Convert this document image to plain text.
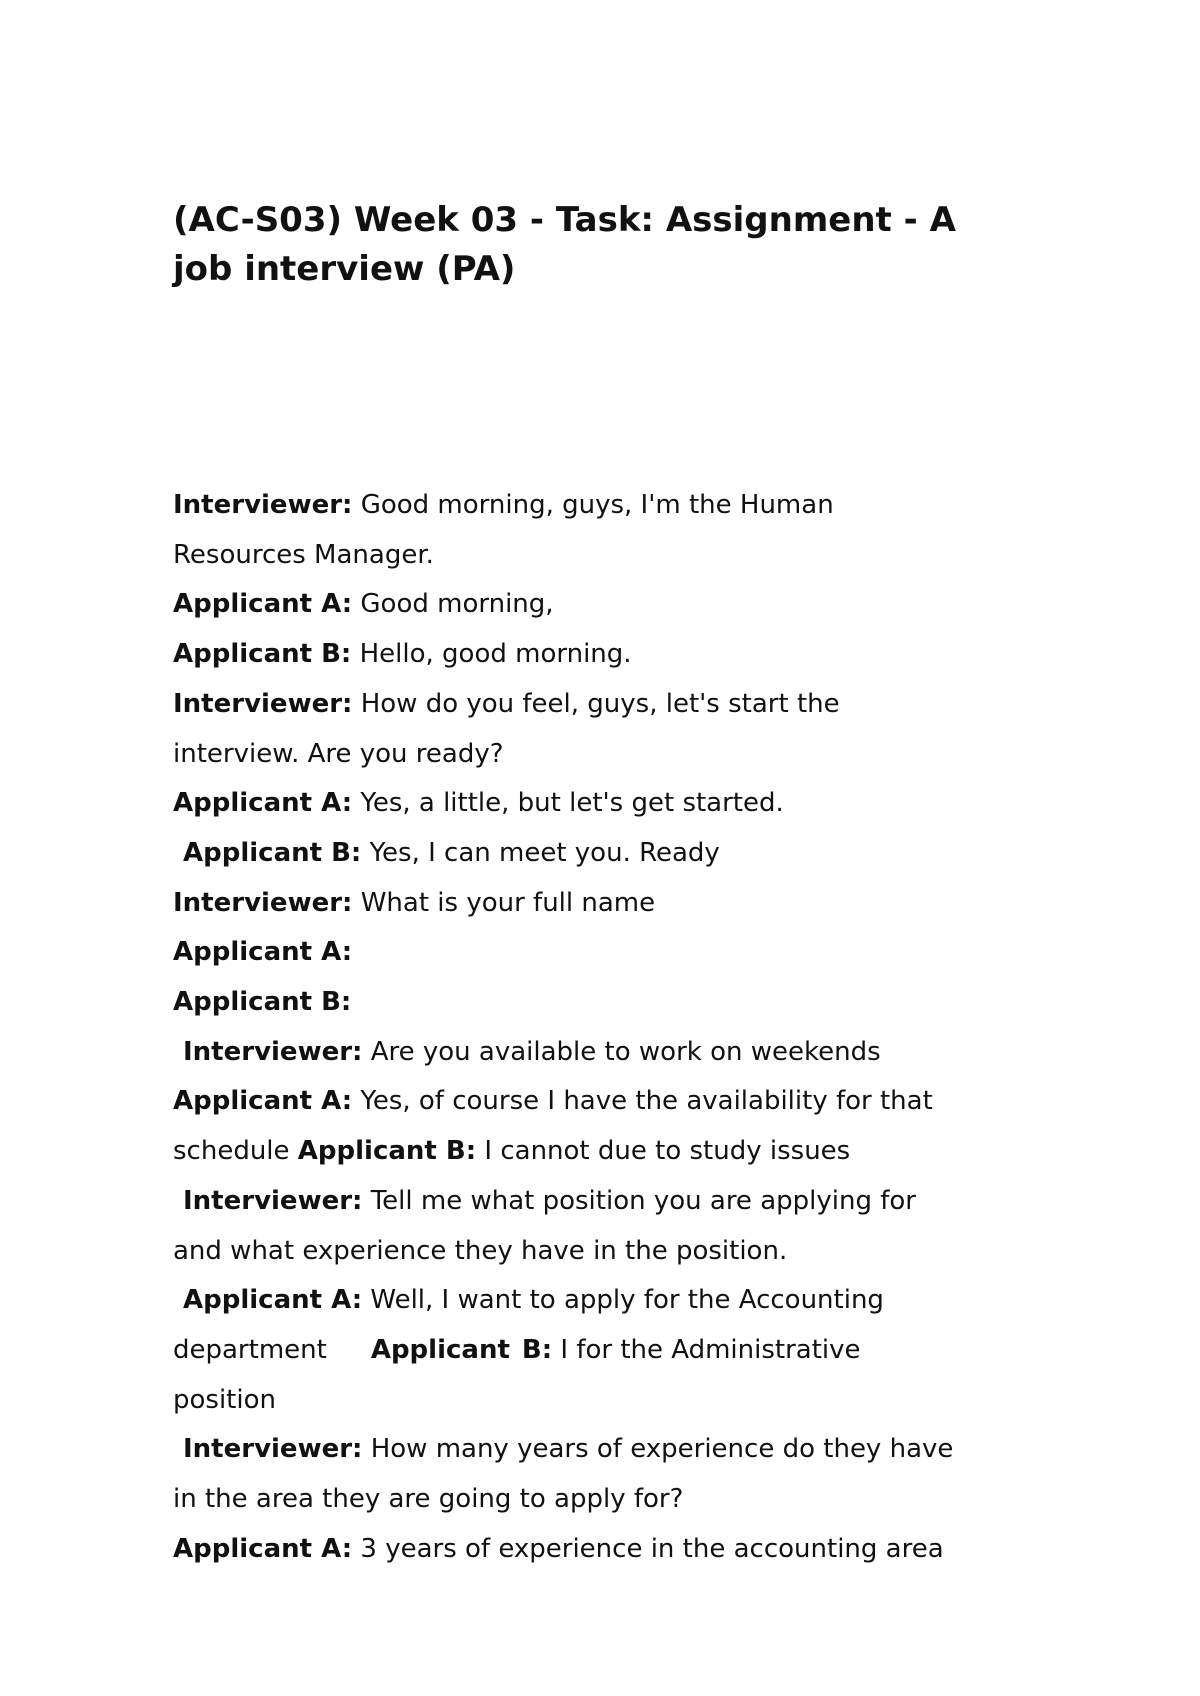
(AC-S03) Week 03 - Task: Assignment - A
job interview (PA)
Interviewer: Good morning, guys, I'm the Human
Resources Manager.
Applicant A: Good morning,
Applicant B: Hello, good morning.
Interviewer: How do you feel, guys, let's start the
interview. Are you ready?
Applicant A: Yes, a little, but let's get started.
Applicant B: Yes, I can meet you. Ready
Interviewer: What is your full name
Applicant A:
Applicant B:
Interviewer: Are you available to work on weekends
Applicant A: Yes, of course I have the availability for that
schedule Applicant B: I cannot due to study issues
Interviewer: Tell me what position you are applying for
and what experience they have in the position.
Applicant A: Well, I want to apply for the Accounting
department Applicant B: I for the Administrative
position
Interviewer: How many years of experience do they have
in the area they are going to apply for?
Applicant A: 3 years of experience in the accounting area
